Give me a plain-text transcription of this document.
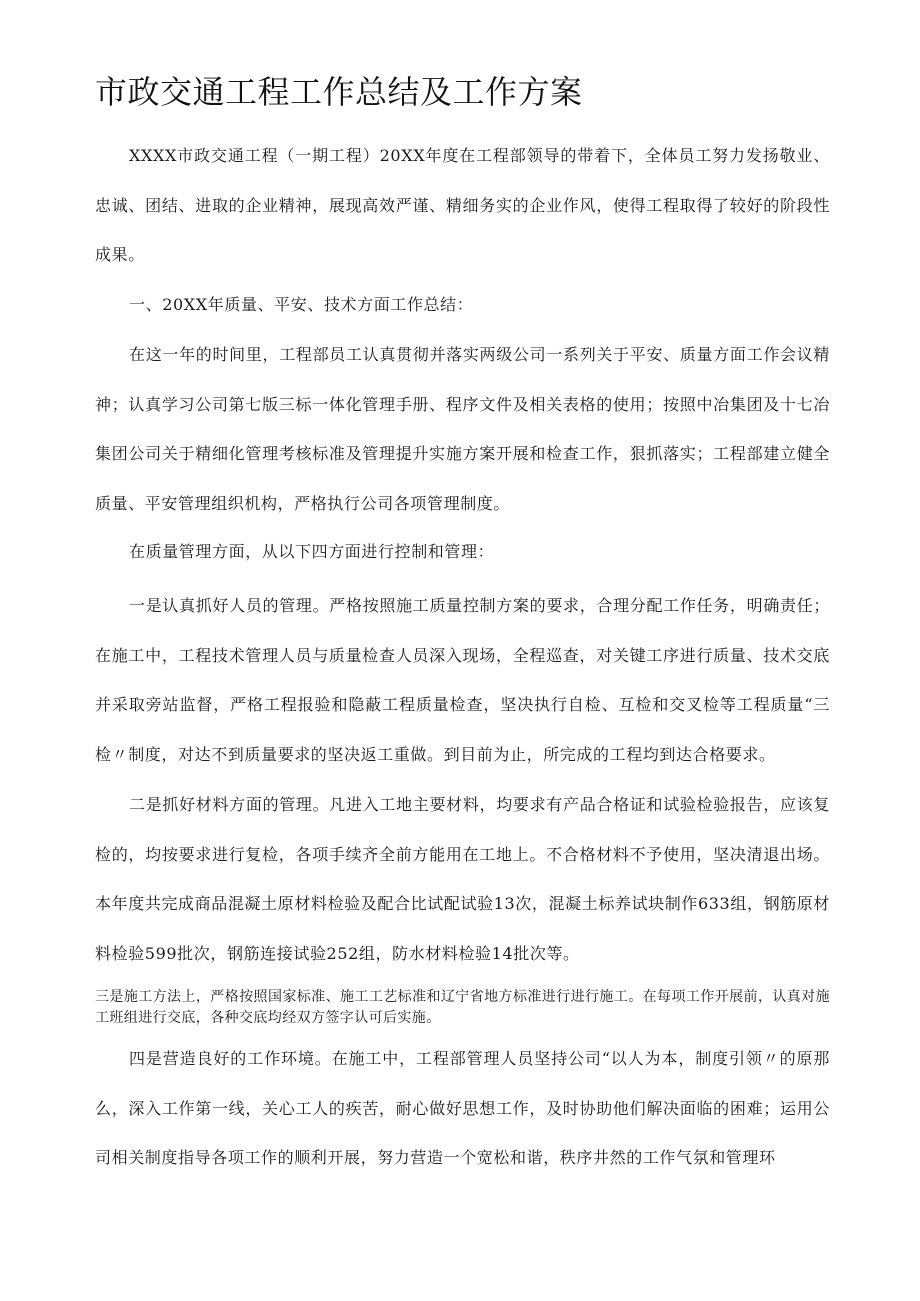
市政交通工程工作总结及工作方案

XXXX市政交通工程（一期工程）20XX年度在工程部领导的带着下，全体员工努力发扬敬业、忠诚、团结、进取的企业精神，展现高效严谨、精细务实的企业作风，使得工程取得了较好的阶段性成果。

一、20XX年质量、平安、技术方面工作总结：

在这一年的时间里，工程部员工认真贯彻并落实两级公司一系列关于平安、质量方面工作会议精神；认真学习公司第七版三标一体化管理手册、程序文件及相关表格的使用；按照中冶集团及十七冶集团公司关于精细化管理考核标准及管理提升实施方案开展和检查工作，狠抓落实；工程部建立健全质量、平安管理组织机构，严格执行公司各项管理制度。

在质量管理方面，从以下四方面进行控制和管理：

一是认真抓好人员的管理。严格按照施工质量控制方案的要求，合理分配工作任务，明确责任；在施工中，工程技术管理人员与质量检查人员深入现场，全程巡查，对关键工序进行质量、技术交底并采取旁站监督，严格工程报验和隐蔽工程质量检查，坚决执行自检、互检和交叉检等工程质量“三检〃制度，对达不到质量要求的坚决返工重做。到目前为止，所完成的工程均到达合格要求。

二是抓好材料方面的管理。凡进入工地主要材料，均要求有产品合格证和试验检验报告，应该复检的，均按要求进行复检，各项手续齐全前方能用在工地上。不合格材料不予使用，坚决清退出场。本年度共完成商品混凝土原材料检验及配合比试配试验13次，混凝土标养试块制作633组，钢筋原材料检验599批次，钢筋连接试验252组，防水材料检验14批次等。

三是施工方法上，严格按照国家标准、施工工艺标准和辽宁省地方标准进行进行施工。在每项工作开展前，认真对施工班组进行交底，各种交底均经双方签字认可后实施。

四是营造良好的工作环境。在施工中，工程部管理人员坚持公司“以人为本，制度引领〃的原那么，深入工作第一线，关心工人的疾苦，耐心做好思想工作，及时协助他们解决面临的困难；运用公司相关制度指导各项工作的顺利开展，努力营造一个宽松和谐，秩序井然的工作气氛和管理环
